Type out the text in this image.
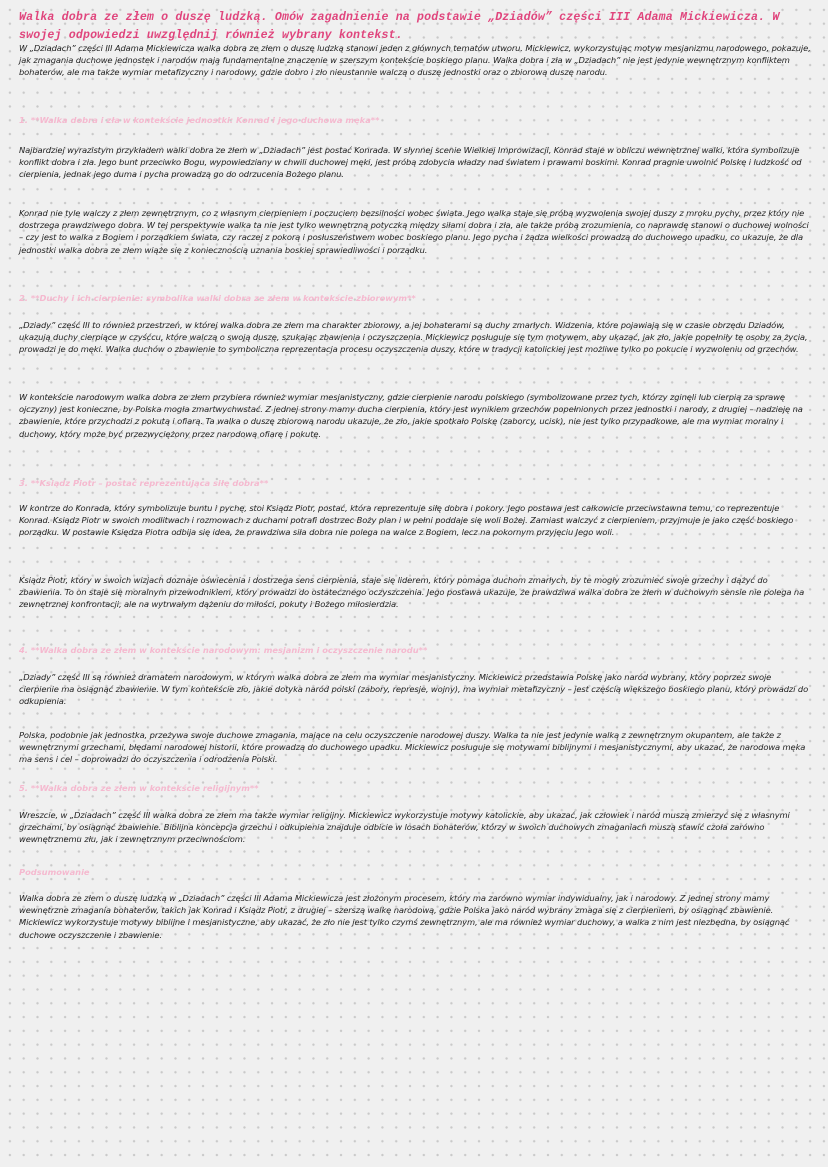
Walka dobra ze złem o duszę ludzką. Omów zagadnienie na podstawie „Dziadów” części III Adama Mickiewicza. W swojej odpowiedzi uwzględnij również wybrany kontekst.

W „Dziadach” części III Adama Mickiewicza walka dobra ze złem o duszę ludzką stanowi jeden z głównych tematów utworu. Mickiewicz, wykorzystując motyw mesjanizmu narodowego, pokazuje, jak zmagania duchowe jednostek i narodów mają fundamentalne znaczenie w szerszym kontekście boskiego planu. Walka dobra i zła w „Dziadach” nie jest jedynie wewnętrznym konfliktem bohaterów, ale ma także wymiar metafizyczny i narodowy, gdzie dobro i zło nieustannie walczą o duszę jednostki oraz o zbiorową duszę narodu.

1. **Walka dobra i zła w kontekście jednostki: Konrad i jego duchowa męka**

Najbardziej wyrazistym przykładem walki dobra ze złem w „Dziadach” jest postać Konrada. W słynnej scenie Wielkiej Improwizacji, Konrad staje w obliczu wewnętrznej walki, która symbolizuje konflikt dobra i zła. Jego bunt przeciwko Bogu, wypowiedziany w chwili duchowej męki, jest próbą zdobycia władzy nad światem i prawami boskimi. Konrad pragnie uwolnić Polskę i ludzkość od cierpienia, jednak jego duma i pycha prowadzą go do odrzucenia Bożego planu.

Konrad nie tyle walczy z złem zewnętrznym, co z własnym cierpieniem i poczuciem bezsilności wobec świata. Jego walka staje się próbą wyzwolenia swojej duszy z mroku pychy, przez który nie dostrzega prawdziwego dobra. W tej perspektywie walka ta nie jest tylko wewnętrzną potyczką między siłami dobra i zła, ale także próbą zrozumienia, co naprawdę stanowi o duchowej wolności – czy jest to walka z Bogiem i porządkiem świata, czy raczej z pokorą i posłuszeństwem wobec boskiego planu. Jego pycha i żądza wielkości prowadzą do duchowego upadku, co ukazuje, że dla jednostki walka dobra ze złem wiąże się z koniecznością uznania boskiej sprawiedliwości i porządku.

2. **Duchy i ich cierpienie: symbolika walki dobra ze złem w kontekście zbiorowym**

„Dziady” część III to również przestrzeń, w której walka dobra ze złem ma charakter zbiorowy, a jej bohaterami są duchy zmarłych. Widzenia, które pojawiają się w czasie obrzędu Dziadów, ukazują duchy cierpiące w czyśćcu, które walczą o swoją duszę, szukając zbawienia i oczyszczenia. Mickiewicz posługuje się tym motywem, aby ukazać, jak zło, jakie popełniły te osoby za życia, prowadzi je do męki. Walka duchów o zbawienie to symboliczna reprezentacja procesu oczyszczenia duszy, które w tradycji katolickiej jest możliwe tylko po pokucie i wyzwoleniu od grzechów.

W kontekście narodowym walka dobra ze złem przybiera również wymiar mesjanistyczny, gdzie cierpienie narodu polskiego (symbolizowane przez tych, którzy zginęli lub cierpią za sprawę ojczyzny) jest konieczne, by Polska mogła zmartwychwstać. Z jednej strony mamy ducha cierpienia, który jest wynikiem grzechów popełnionych przez jednostki i narody, z drugiej – nadzieję na zbawienie, które przychodzi z pokutą i ofiarą. Ta walka o duszę zbiorową narodu ukazuje, że zło, jakie spotkało Polskę (zaborcy, ucisk), nie jest tylko przypadkowe, ale ma wymiar moralny i duchowy, który może być przezwyciężony przez narodową ofiarę i pokutę.

3. **Ksiądz Piotr – postać reprezentująca siłę dobra**

W kontrze do Konrada, który symbolizuje buntu i pychę, stoi Ksiądz Piotr, postać, która reprezentuje siłę dobra i pokory. Jego postawa jest całkowicie przeciwstawna temu, co reprezentuje Konrad. Ksiądz Piotr w swoich modlitwach i rozmowach z duchami potrafi dostrzec Boży plan i w pełni poddaje się woli Bożej. Zamiast walczyć z cierpieniem, przyjmuje je jako część boskiego porządku. W postawie Księdza Piotra odbija się idea, że prawdziwa siła dobra nie polega na walce z Bogiem, lecz na pokornym przyjęciu Jego woli.

Ksiądz Piotr, który w swoich wizjach doznaje oświecenia i dostrzega sens cierpienia, staje się liderem, który pomaga duchom zmarłych, by te mogły zrozumieć swoje grzechy i dążyć do zbawienia. To on staje się moralnym przewodnikiem, który prowadzi do ostatecznego oczyszczenia. Jego postawa ukazuje, że prawdziwa walka dobra ze złem w duchowym sensie nie polega na zewnętrznej konfrontacji, ale na wytrwałym dążeniu do miłości, pokuty i Bożego miłosierdzia.

4. **Walka dobra ze złem w kontekście narodowym: mesjanizm i oczyszczenie narodu**

„Dziady” część III są również dramatem narodowym, w którym walka dobra ze złem ma wymiar mesjanistyczny. Mickiewicz przedstawia Polskę jako naród wybrany, który poprzez swoje cierpienie ma osiągnąć zbawienie. W tym kontekście zło, jakie dotyka naród polski (zabory, represje, wojny), ma wymiar metafizyczny – jest częścią większego boskiego planu, który prowadzi do odkupienia.

Polska, podobnie jak jednostka, przeżywa swoje duchowe zmagania, mające na celu oczyszczenie narodowej duszy. Walka ta nie jest jedynie walką z zewnętrznym okupantem, ale także z wewnętrznymi grzechami, błędami narodowej historii, które prowadzą do duchowego upadku. Mickiewicz posługuje się motywami biblijnymi i mesjanistycznymi, aby ukazać, że narodowa męka ma sens i cel – doprowadzi do oczyszczenia i odrodzenia Polski.

5. **Walka dobra ze złem w kontekście religijnym**

Wreszcie, w „Dziadach” część III walka dobra ze złem ma także wymiar religijny. Mickiewicz wykorzystuje motywy katolickie, aby ukazać, jak człowiek i naród muszą zmierzyć się z własnymi grzechami, by osiągnąć zbawienie. Biblijna koncepcja grzechu i odkupienia znajduje odbicie w losach bohaterów, którzy w swoich duchowych zmaganiach muszą stawić czoła zarówno wewnętrznemu złu, jak i zewnętrznym przeciwnościom.

Podsumowanie

Walka dobra ze złem o duszę ludzką w „Dziadach” części III Adama Mickiewicza jest złożonym procesem, który ma zarówno wymiar indywidualny, jak i narodowy. Z jednej strony mamy wewnętrzne zmagania bohaterów, takich jak Konrad i Ksiądz Piotr, z drugiej – szerszą walkę narodową, gdzie Polska jako naród wybrany zmaga się z cierpieniem, by osiągnąć zbawienie. Mickiewicz wykorzystuje motywy biblijne i mesjanistyczne, aby ukazać, że zło nie jest tylko czymś zewnętrznym, ale ma również wymiar duchowy, a walka z nim jest niezbędna, by osiągnąć duchowe oczyszczenie i zbawienie.
